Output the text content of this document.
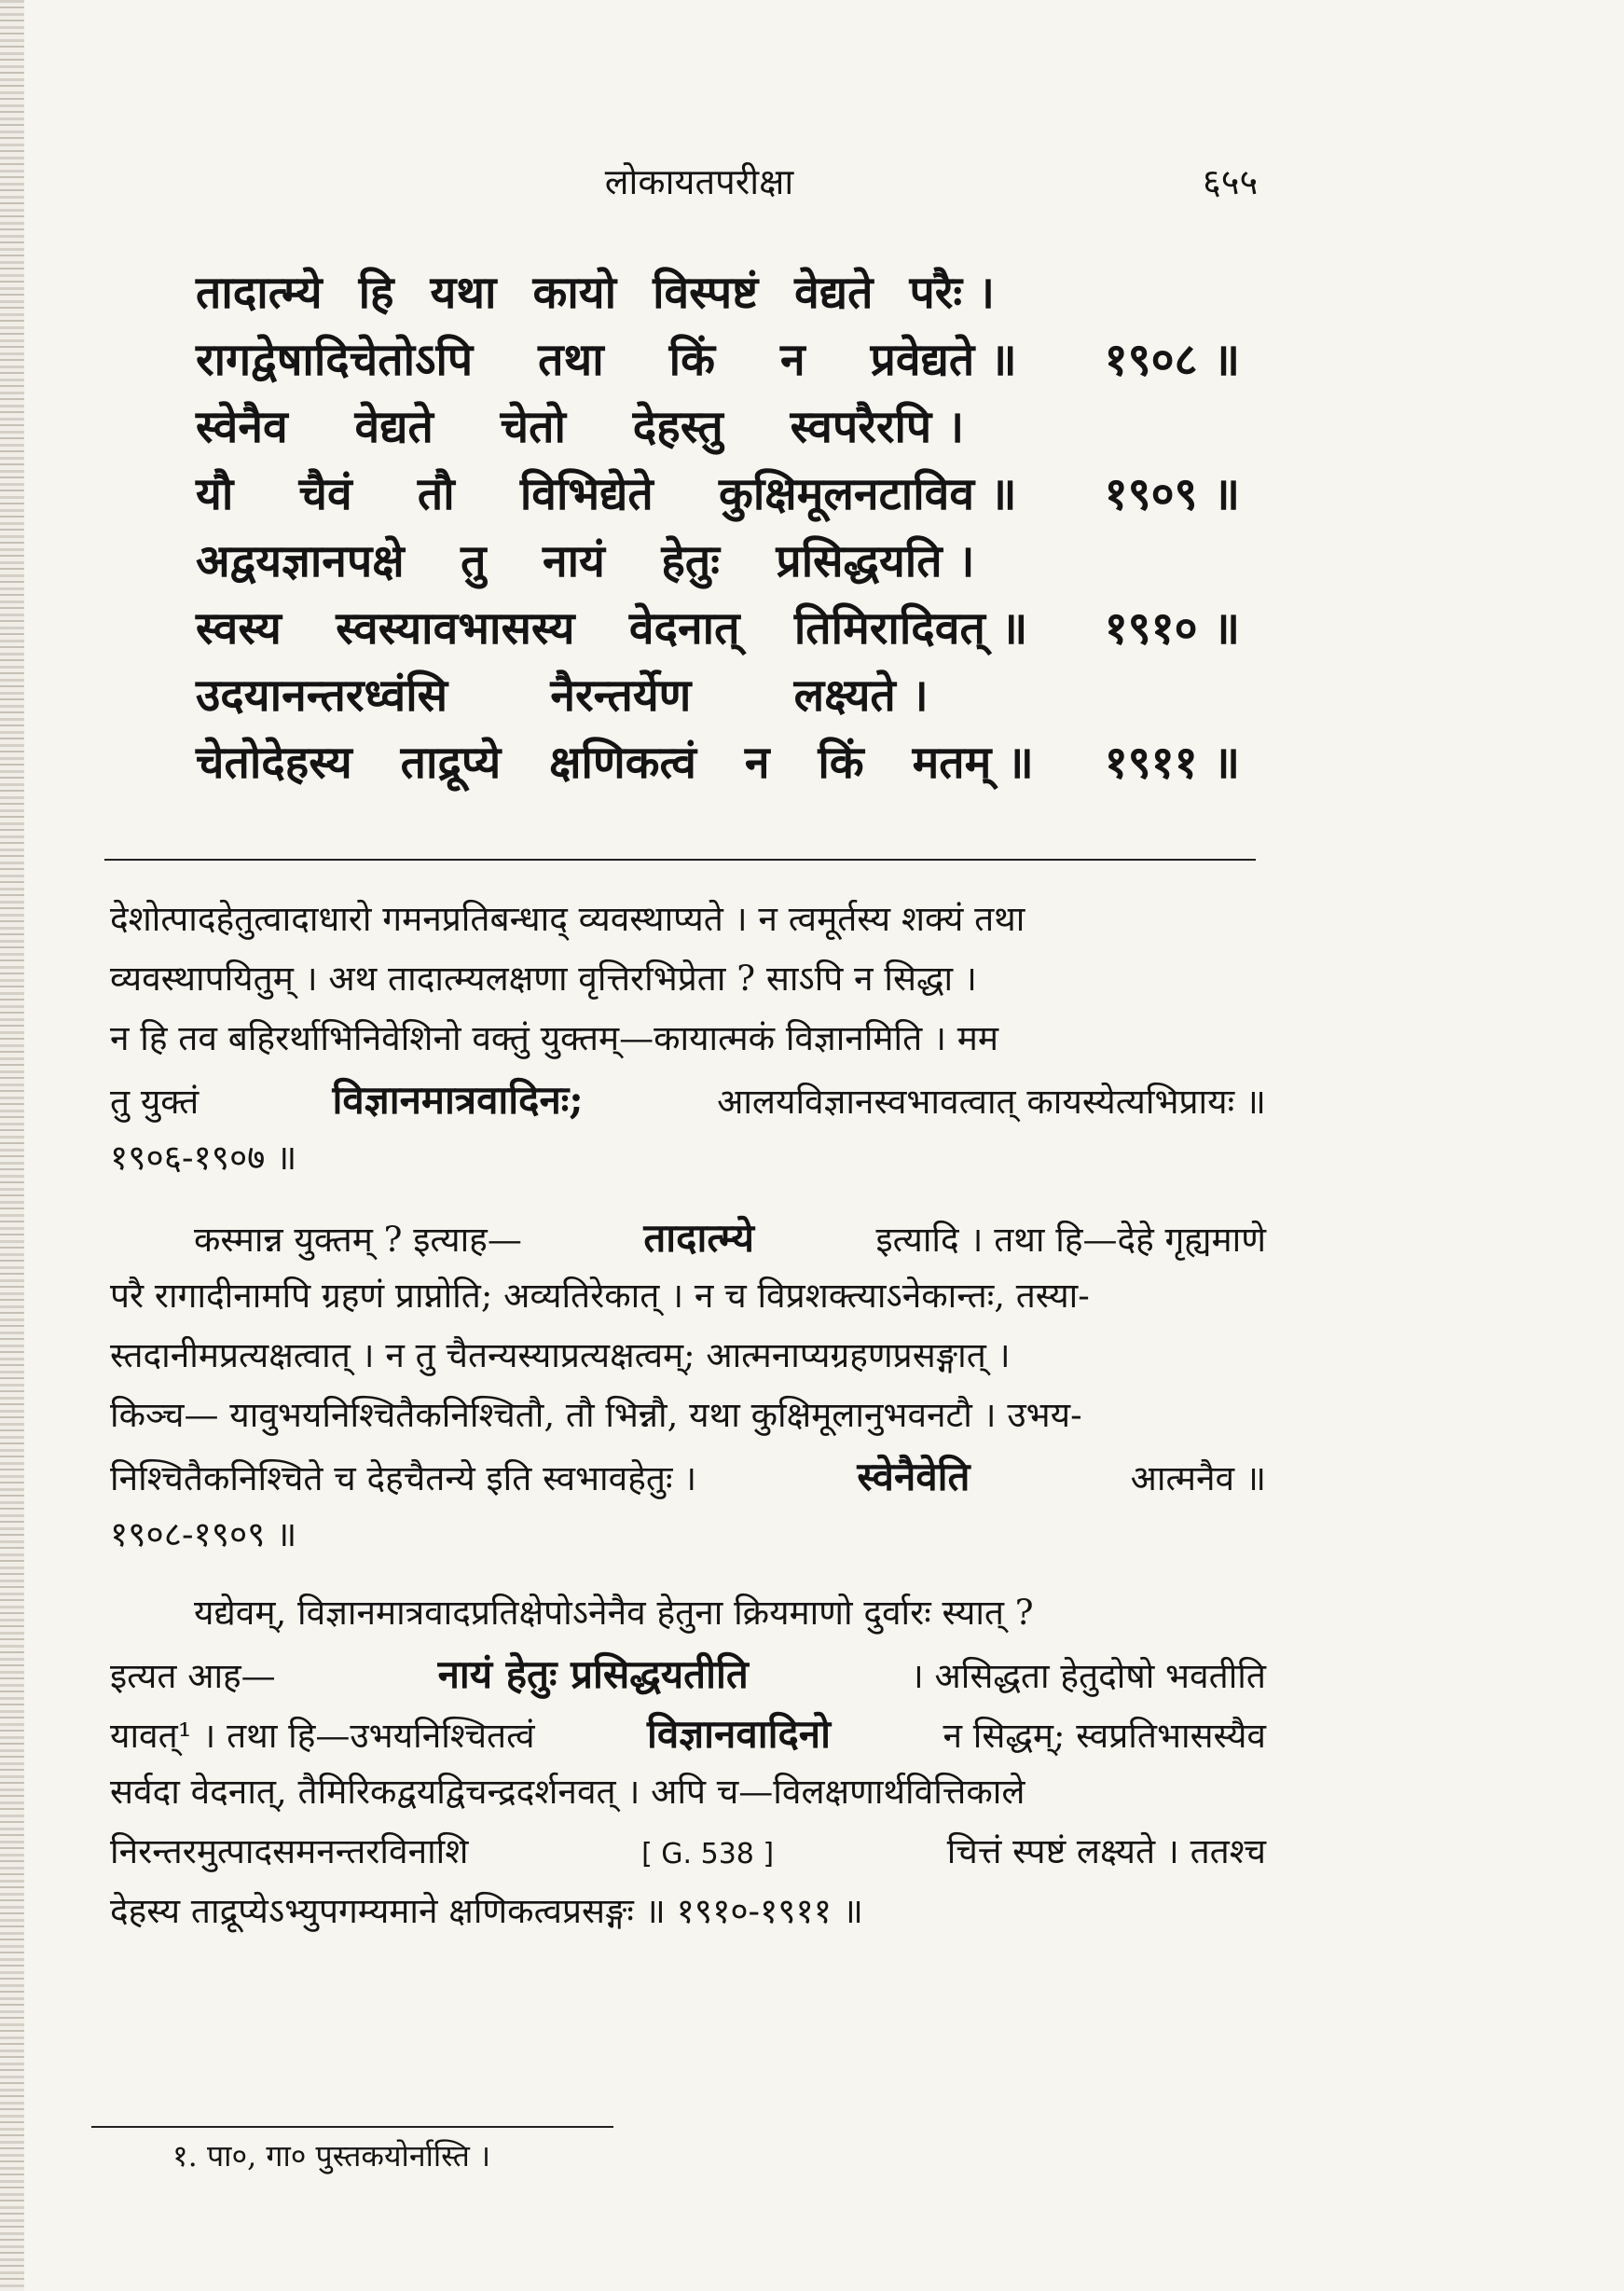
लोकायतपरीक्षा	६५५
तादात्म्ये हि यथा कायो विस्पष्टं वेद्यते परैः ।
रागद्वेषादिचेतोऽपि तथा किं न प्रवेद्यते ॥ १९०८ ॥
स्वेनैव वेद्यते चेतो देहस्तु स्वपरैरपि ।
यौ चैवं तौ विभिद्येते कुक्षिमूलनटाविव ॥ १९०९ ॥
अद्वयज्ञानपक्षे तु नायं हेतुः प्रसिद्धयति ।
स्वस्य स्वस्यावभासस्य वेदनात् तिमिरादिवत् ॥ १९१० ॥
उदयानन्तरध्वंसि नैरन्तर्येण लक्ष्यते ।
चेतोदेहस्य ताद्रूप्ये क्षणिकत्वं न किं मतम् ॥ १९११ ॥
देशोत्पादहेतुत्वादाधारो गमनप्रतिबन्धाद् व्यवस्थाप्यते । न त्वमूर्तस्य शक्यं तथा
व्यवस्थापयितुम् । अथ तादात्म्यलक्षणा वृत्तिरभिप्रेता ? साऽपि न सिद्धा ।
न हि तव बहिरर्थाभिनिवेशिनो वक्तुं युक्तम्—कायात्मकं विज्ञानमिति । मम
तु युक्तं	विज्ञानमात्रवादिनः;	आलयविज्ञानस्वभावत्वात् कायस्येत्यभिप्रायः ॥
१९०६-१९०७ ॥
कस्मान्न युक्तम् ? इत्याह—	तादात्म्ये	इत्यादि । तथा हि—देहे गृह्यमाणे
परै रागादीनामपि ग्रहणं प्राप्नोति; अव्यतिरेकात् । न च विप्रशक्त्याऽनेकान्तः, तस्या-
स्तदानीमप्रत्यक्षत्वात् । न तु चैतन्यस्याप्रत्यक्षत्वम्; आत्मनाप्यग्रहणप्रसङ्गात् ।
किञ्च— यावुभयनिश्चितैकनिश्चितौ, तौ भिन्नौ, यथा कुक्षिमूलानुभवनटौ । उभय-
निश्चितैकनिश्चिते च देहचैतन्ये इति स्वभावहेतुः ।	स्वेनैवेति	आत्मनैव ॥
१९०८-१९०९ ॥
यद्येवम्, विज्ञानमात्रवादप्रतिक्षेपोऽनेनैव हेतुना क्रियमाणो दुर्वारः स्यात् ?
इत्यत आह—	नायं हेतुः प्रसिद्धयतीति	। असिद्धता हेतुदोषो भवतीति
यावत्¹ । तथा हि—उभयनिश्चितत्वं	विज्ञानवादिनो	न सिद्धम्; स्वप्रतिभासस्यैव
सर्वदा वेदनात्, तैमिरिकद्वयद्विचन्द्रदर्शनवत् । अपि च—विलक्षणार्थवित्तिकाले
निरन्तरमुत्पादसमनन्तरविनाशि	[ G. 538 ]	चित्तं स्पष्टं लक्ष्यते । ततश्च
देहस्य ताद्रूप्येऽभ्युपगम्यमाने क्षणिकत्वप्रसङ्गः ॥ १९१०-१९११ ॥
१. पा०, गा० पुस्तकयोर्नास्ति ।
